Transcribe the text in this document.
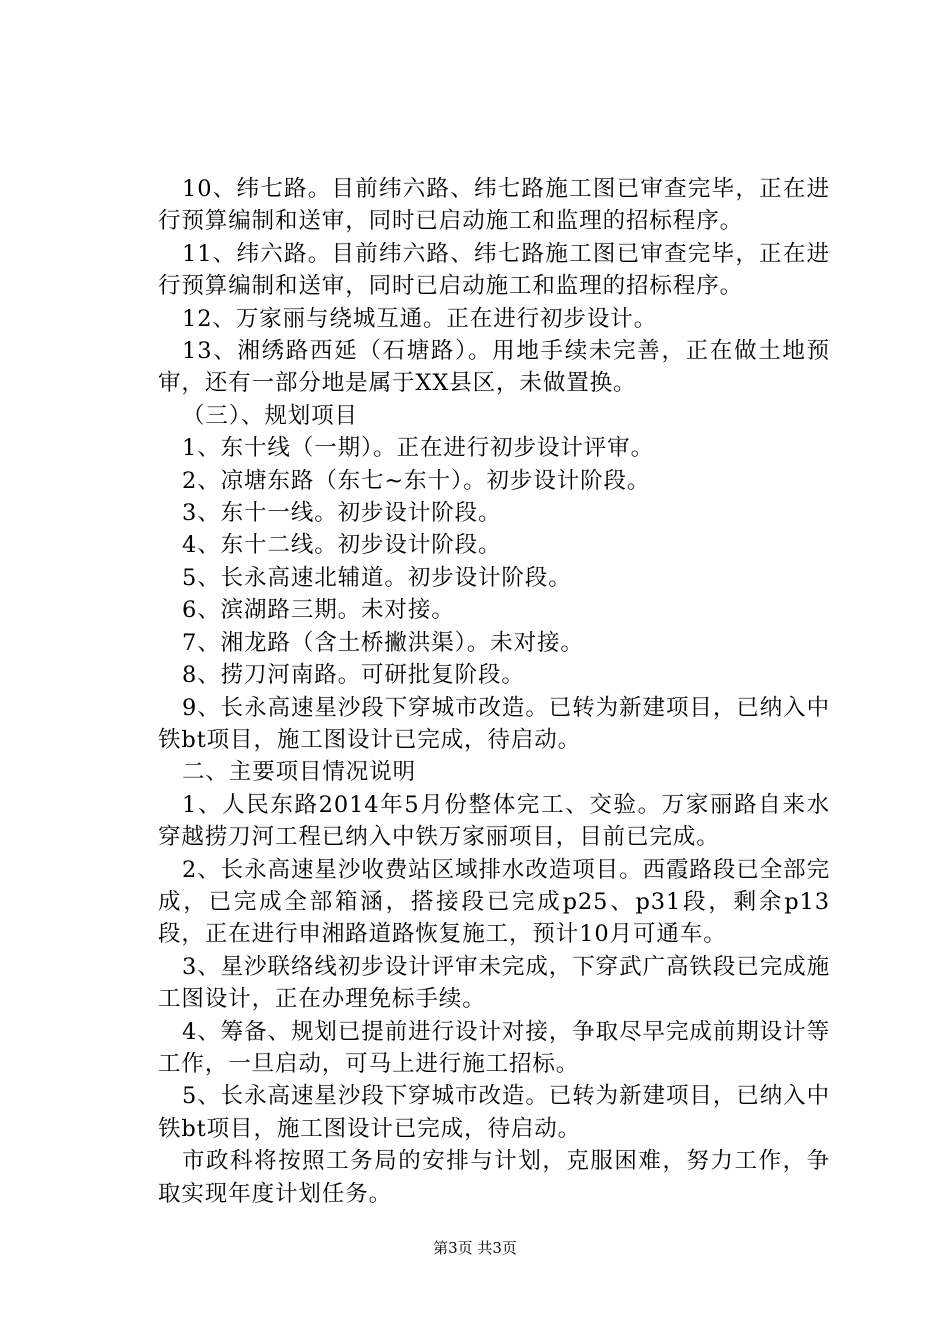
10、纬七路。目前纬六路、纬七路施工图已审查完毕，正在进行预算编制和送审，同时已启动施工和监理的招标程序。

11、纬六路。目前纬六路、纬七路施工图已审查完毕，正在进行预算编制和送审，同时已启动施工和监理的招标程序。

12、万家丽与绕城互通。正在进行初步设计。

13、湘绣路西延（石塘路）。用地手续未完善，正在做土地预审，还有一部分地是属于XX县区，未做置换。

（三）、规划项目

1、东十线（一期）。正在进行初步设计评审。

2、凉塘东路（东七~东十）。初步设计阶段。

3、东十一线。初步设计阶段。

4、东十二线。初步设计阶段。

5、长永高速北辅道。初步设计阶段。

6、滨湖路三期。未对接。

7、湘龙路（含土桥撇洪渠）。未对接。

8、捞刀河南路。可研批复阶段。

9、长永高速星沙段下穿城市改造。已转为新建项目，已纳入中铁bt项目，施工图设计已完成，待启动。

二、主要项目情况说明

1、人民东路2014年5月份整体完工、交验。万家丽路自来水穿越捞刀河工程已纳入中铁万家丽项目，目前已完成。

2、长永高速星沙收费站区域排水改造项目。西霞路段已全部完成，已完成全部箱涵，搭接段已完成p25、p31段，剩余p13段，正在进行申湘路道路恢复施工，预计10月可通车。

3、星沙联络线初步设计评审未完成，下穿武广高铁段已完成施工图设计，正在办理免标手续。

4、筹备、规划已提前进行设计对接，争取尽早完成前期设计等工作，一旦启动，可马上进行施工招标。

5、长永高速星沙段下穿城市改造。已转为新建项目，已纳入中铁bt项目，施工图设计已完成，待启动。

市政科将按照工务局的安排与计划，克服困难，努力工作，争取实现年度计划任务。

第3页 共3页
